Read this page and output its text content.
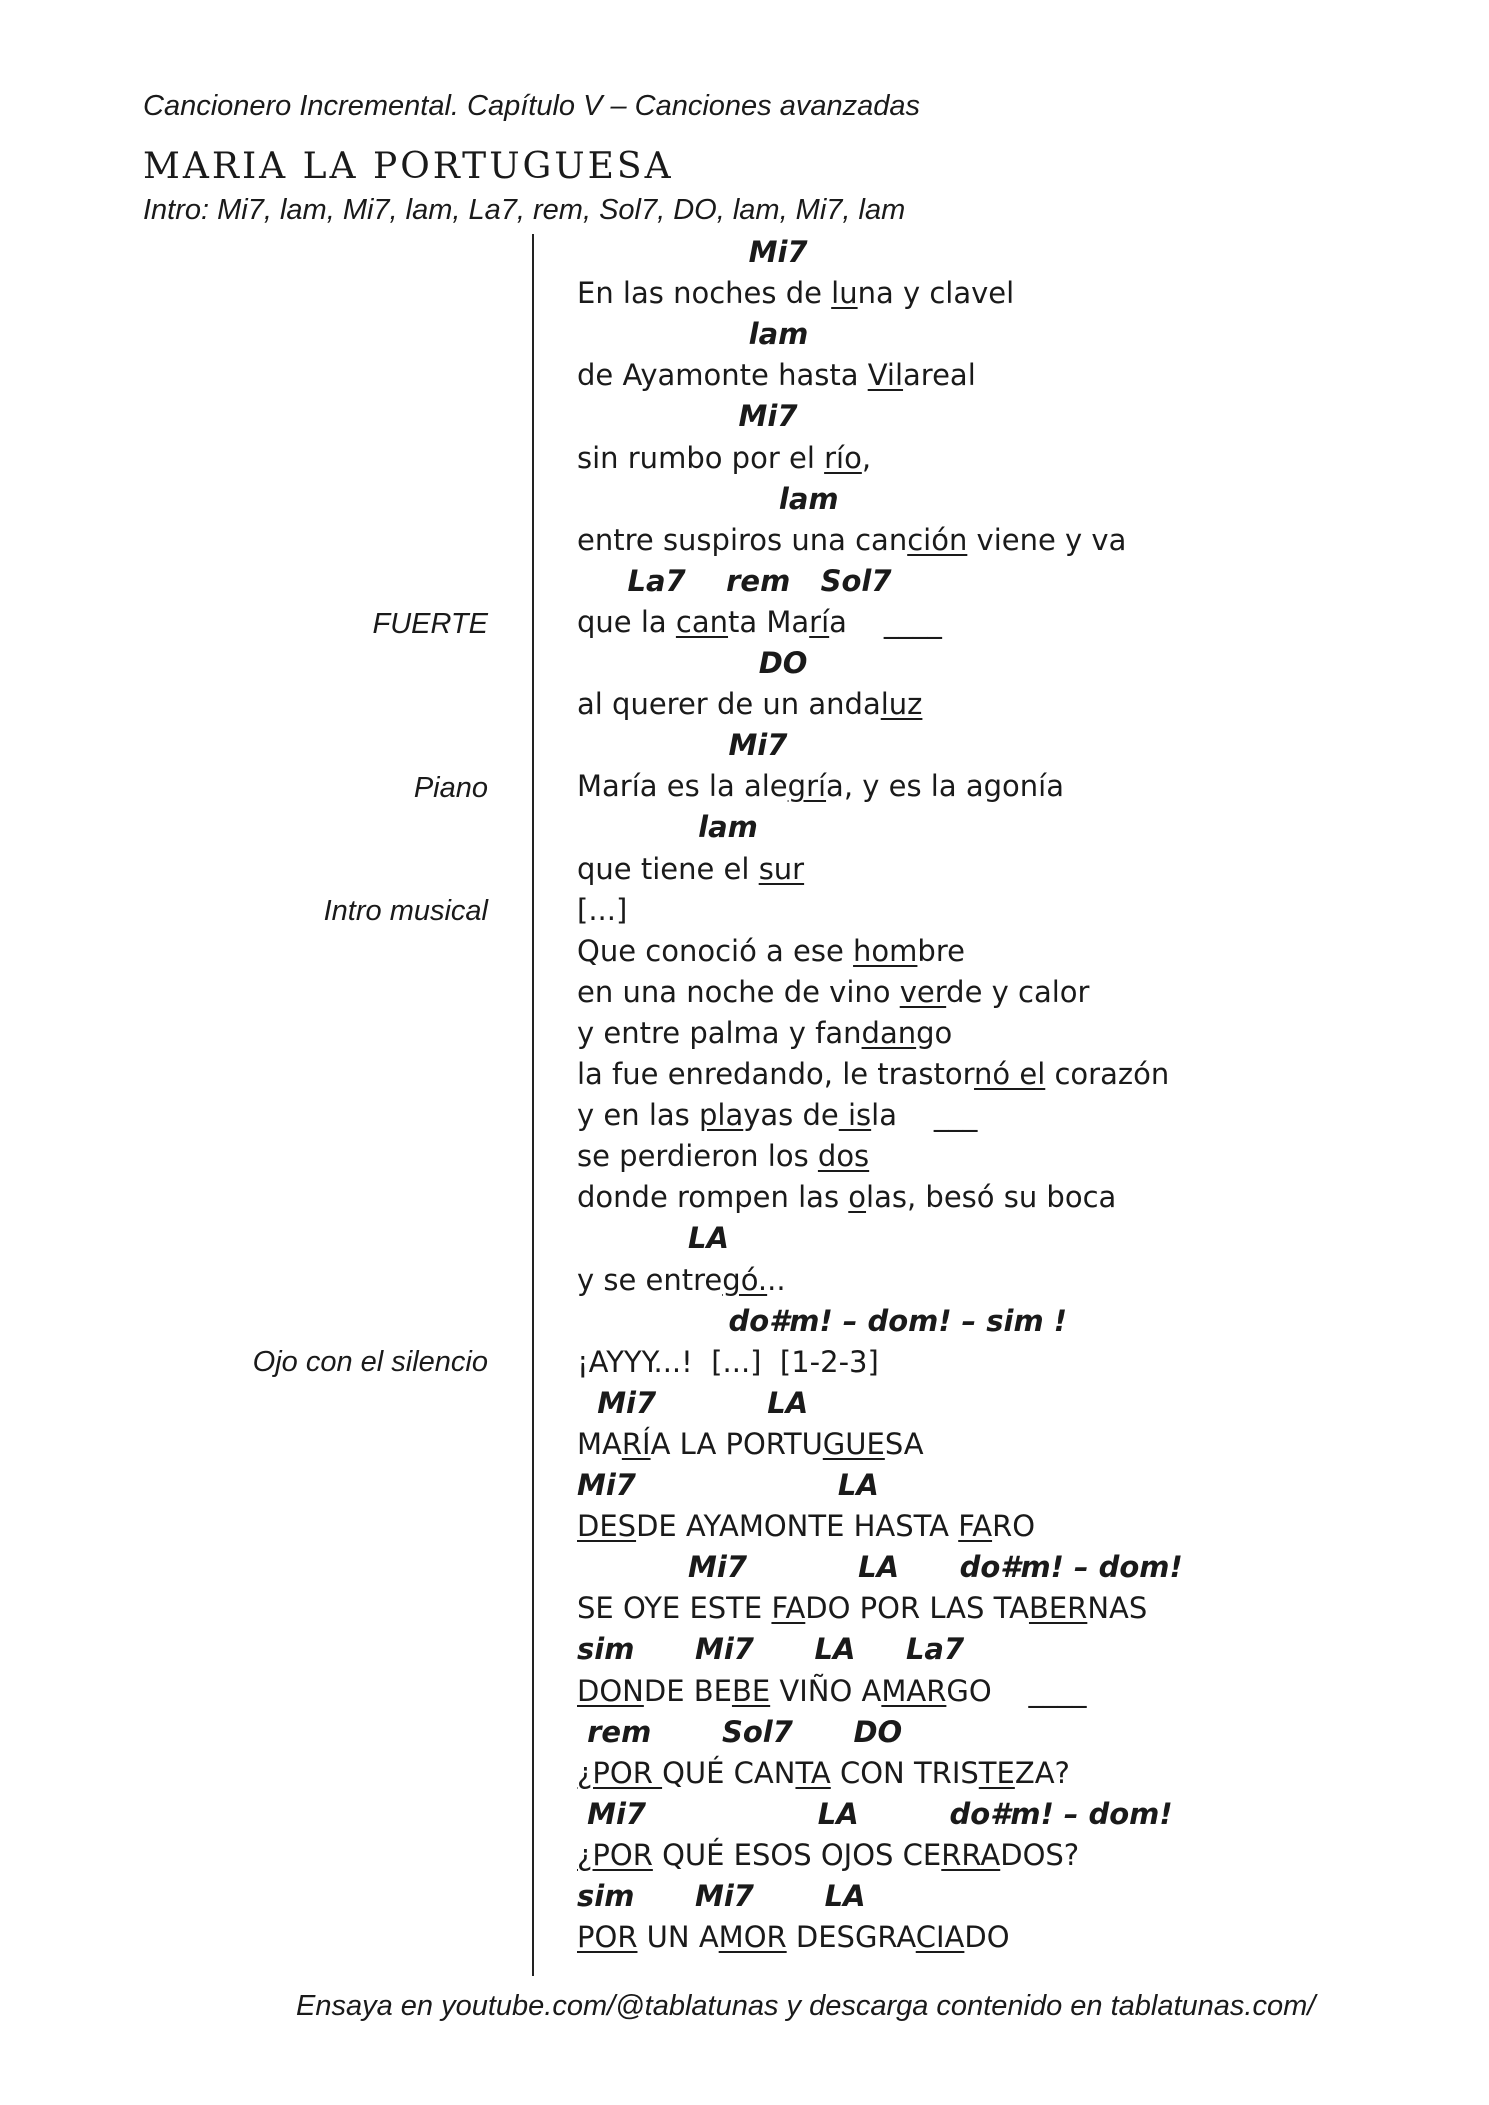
Cancionero Incremental. Capítulo V – Canciones avanzadas
MARIA LA PORTUGUESA
Intro: Mi7, lam, Mi7, lam, La7, rem, Sol7, DO, lam, Mi7, lam
FUERTE
Piano
Intro musical
Ojo con el silencio
Mi7
En las noches de luna y clavel
lam
de Ayamonte hasta Vilareal
Mi7
sin rumbo por el río,
lam
entre suspiros una canción viene y va
La7    rem   Sol7
que la canta María    ____
DO
al querer de un andaluz
Mi7
María es la alegría, y es la agonía
lam
que tiene el sur
[...]
Que conoció a ese hombre
en una noche de vino verde y calor
y entre palma y fandango
la fue enredando, le trastornó el corazón
y en las playas de isla    ___
se perdieron los dos
donde rompen las olas, besó su boca
LA
y se entregó...
do#m! – dom! – sim !
¡AYYY...!  [...]  [1-2-3]
Mi7           LA
MARÍA LA PORTUGUESA
Mi7                    LA
DESDE AYAMONTE HASTA FARO
Mi7           LA      do#m! – dom!
SE OYE ESTE FADO POR LAS TABERNAS
sim      Mi7      LA     La7
DONDE BEBE VIÑO AMARGO    ____
rem       Sol7      DO
¿POR QUÉ CANTA CON TRISTEZA?
Mi7                 LA         do#m! – dom!
¿POR QUÉ ESOS OJOS CERRADOS?
sim      Mi7       LA
POR UN AMOR DESGRACIADO
Ensaya en youtube.com/@tablatunas y descarga contenido en tablatunas.com/
